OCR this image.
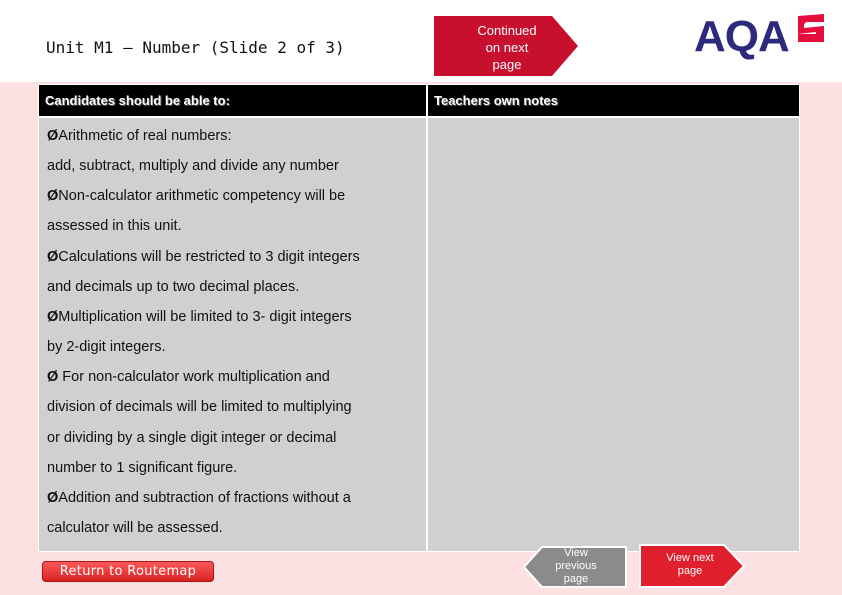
Unit M1 – Number (Slide 2 of 3)
Continued
on next
page
AQA
Candidates should be able to:	Teachers own notes
ØArithmetic of real numbers:
add, subtract, multiply and divide any number
ØNon-calculator arithmetic competency will be
assessed in this unit.
ØCalculations will be restricted to 3 digit integers
and decimals up to two decimal places.
ØMultiplication will be limited to 3- digit integers
by 2-digit integers.
Ø For non-calculator work multiplication and
division of decimals will be limited to multiplying
or dividing by a single digit integer or decimal
number to 1 significant figure.
ØAddition and subtraction of fractions without a
calculator will be assessed.
Return to Routemap
View
previous
page
View next
page
